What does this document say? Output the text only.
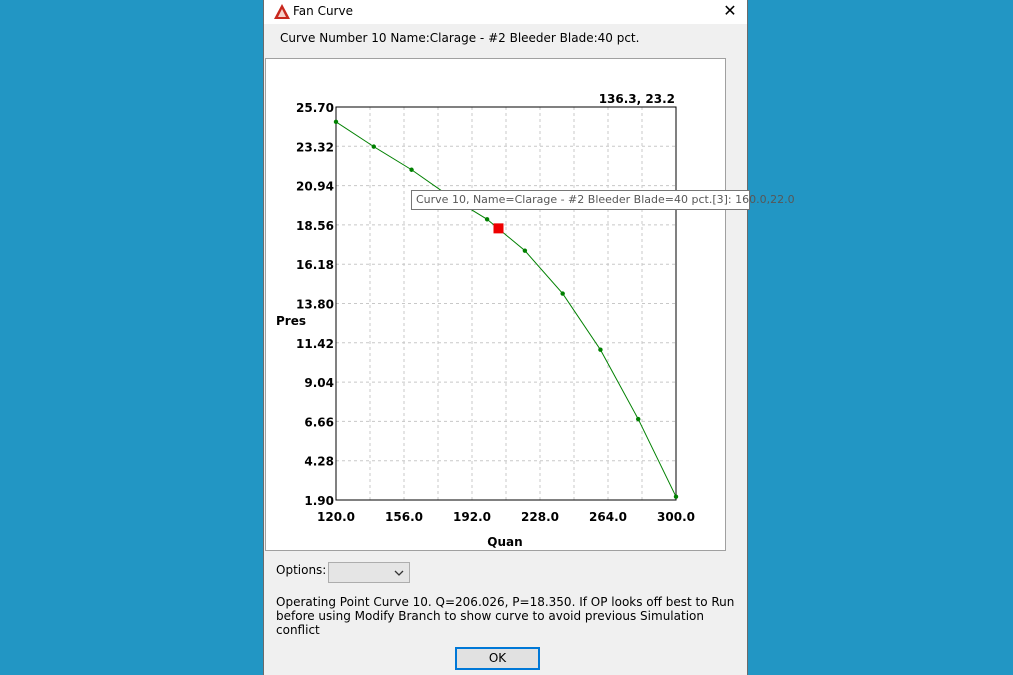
Fan Curve	✕
Curve Number 10 Name:Clarage - #2 Bleeder Blade:40 pct.
136.3, 23.2
Quan
Pres
25.70
23.32
20.94
18.56
16.18
13.80
11.42
9.04
6.66
4.28
1.90
120.0	156.0	192.0	228.0	264.0	300.0
Curve 10, Name=Clarage - #2 Bleeder Blade=40 pct.[3]: 160.0,22.0
Options:
Operating Point Curve 10. Q=206.026, P=18.350. If OP looks off best to Run
before using Modify Branch to show curve to avoid previous Simulation conflict
OK
